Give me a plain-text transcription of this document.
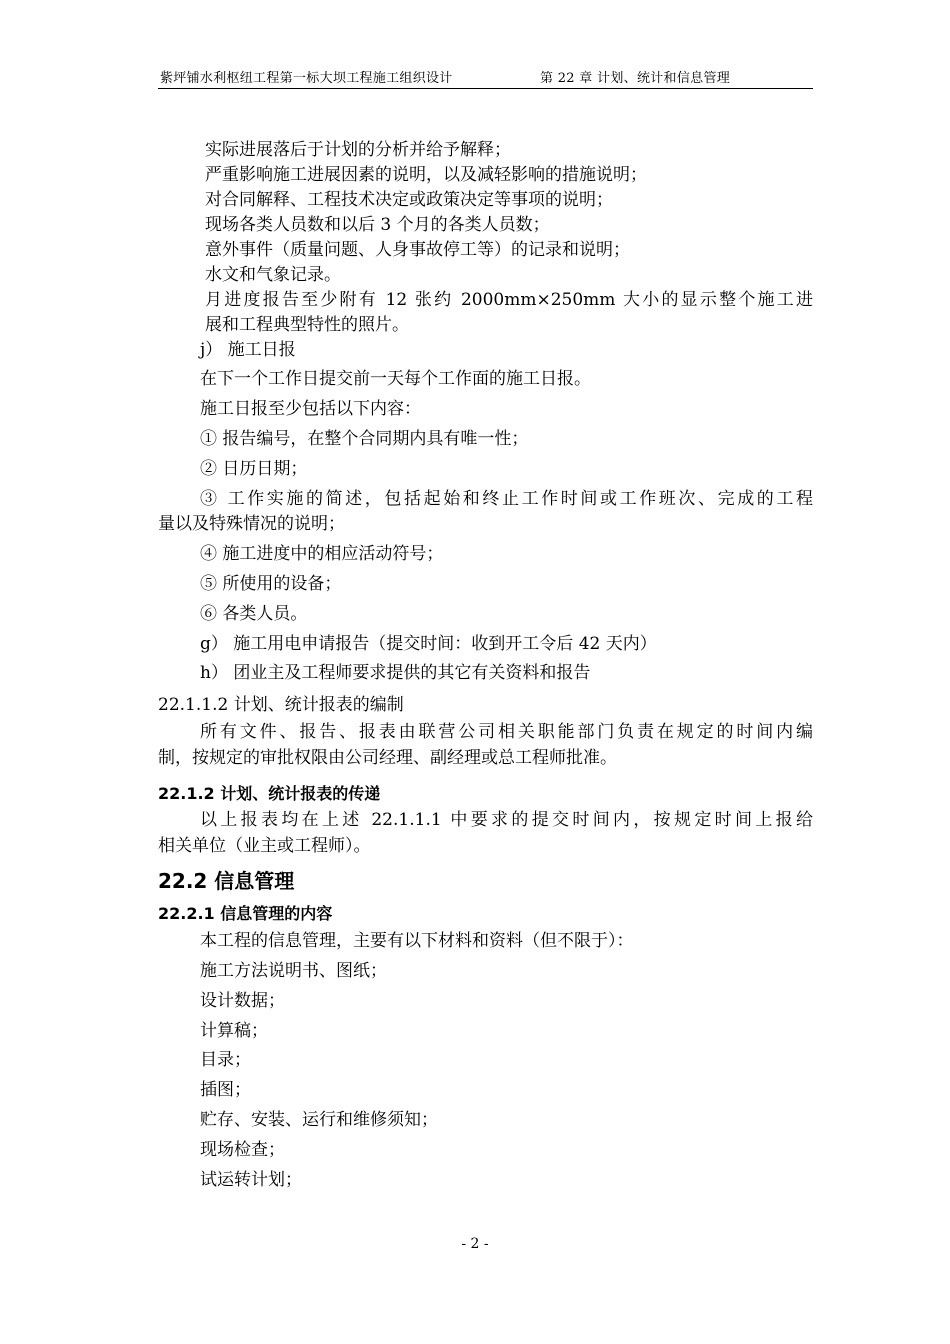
紫坪铺水利枢纽工程第一标大坝工程施工组织设计	第 22 章 计划、统计和信息管理
实际进展落后于计划的分析并给予解释；
严重影响施工进展因素的说明，以及减轻影响的措施说明；
对合同解释、工程技术决定或政策决定等事项的说明；
现场各类人员数和以后 3 个月的各类人员数；
意外事件（质量问题、人身事故停工等）的记录和说明；
水文和气象记录。
月进度报告至少附有 12 张约 2000mm×250mm 大小的显示整个施工进
展和工程典型特性的照片。
j） 施工日报
在下一个工作日提交前一天每个工作面的施工日报。
施工日报至少包括以下内容：
① 报告编号，在整个合同期内具有唯一性；
② 日历日期；
③ 工作实施的简述，包括起始和终止工作时间或工作班次、完成的工程
量以及特殊情况的说明；
④ 施工进度中的相应活动符号；
⑤ 所使用的设备；
⑥ 各类人员。
g） 施工用电申请报告（提交时间：收到开工令后 42 天内）
h） 团业主及工程师要求提供的其它有关资料和报告
22.1.1.2 计划、统计报表的编制
所有文件、报告、报表由联营公司相关职能部门负责在规定的时间内编
制，按规定的审批权限由公司经理、副经理或总工程师批准。
22.1.2 计划、统计报表的传递
以上报表均在上述 22.1.1.1 中要求的提交时间内，按规定时间上报给
相关单位（业主或工程师）。
22.2 信息管理
22.2.1 信息管理的内容
本工程的信息管理，主要有以下材料和资料（但不限于）：
施工方法说明书、图纸；
设计数据；
计算稿；
目录；
插图；
贮存、安装、运行和维修须知；
现场检查；
试运转计划；
- 2 -
